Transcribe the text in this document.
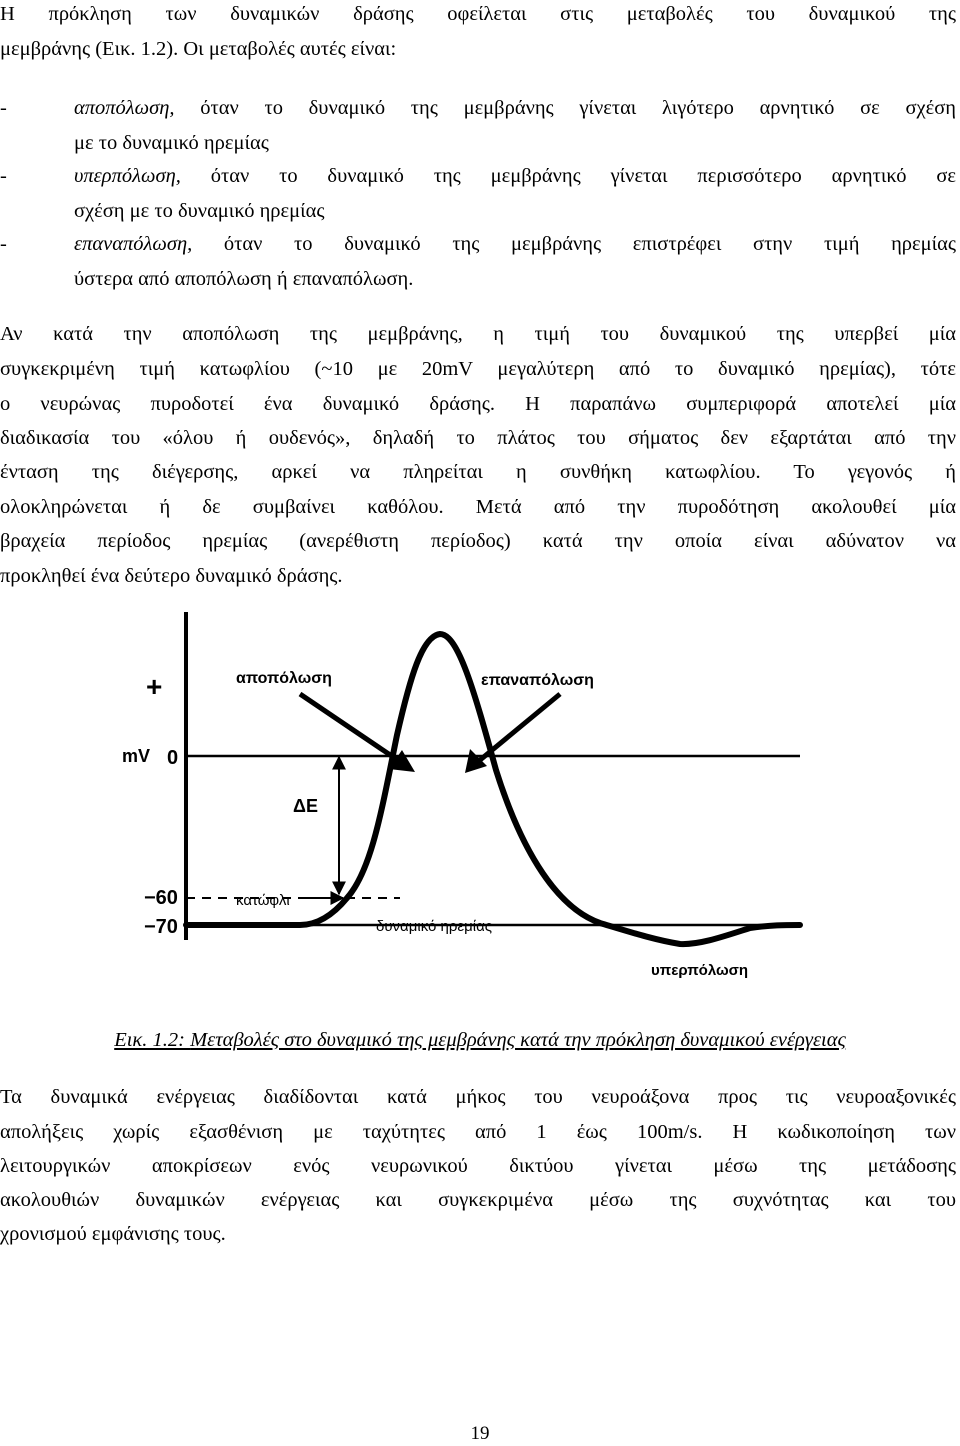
Η πρόκληση των δυναμικών δράσης οφείλεται στις μεταβολές του δυναμικού της
μεμβράνης (Εικ. 1.2). Οι μεταβολές αυτές είναι:
-	αποπόλωση, όταν το δυναμικό της μεμβράνης γίνεται λιγότερο αρνητικό σε σχέση
με το δυναμικό ηρεμίας
-	υπερπόλωση, όταν το δυναμικό της μεμβράνης γίνεται περισσότερο αρνητικό σε
σχέση με το δυναμικό ηρεμίας
-	επαναπόλωση, όταν το δυναμικό της μεμβράνης επιστρέφει στην τιμή ηρεμίας
ύστερα από αποπόλωση ή επαναπόλωση.
Αν κατά την αποπόλωση της μεμβράνης, η τιμή του δυναμικού της υπερβεί μία
συγκεκριμένη τιμή κατωφλίου (~10 με 20mV μεγαλύτερη από το δυναμικό ηρεμίας), τότε
ο νευρώνας πυροδοτεί ένα δυναμικό δράσης. Η παραπάνω συμπεριφορά αποτελεί μία
διαδικασία του «όλου ή ουδενός», δηλαδή το πλάτος του σήματος δεν εξαρτάται από την
ένταση της διέγερσης, αρκεί να πληρείται η συνθήκη κατωφλίου. Το γεγονός ή
ολοκληρώνεται ή δε συμβαίνει καθόλου. Μετά από την πυροδότηση ακολουθεί μία
βραχεία περίοδος ηρεμίας (ανερέθιστη περίοδος) κατά την οποία είναι αδύνατον να
προκληθεί ένα δεύτερο δυναμικό δράσης.
+
mV 0
ΔE
−60
−70
αποπόλωση	επαναπόλωση
κατώφλι
δυναμικό ηρεμίας
υπερπόλωση
Εικ. 1.2: Μεταβολές στο δυναμικό της μεμβράνης κατά την πρόκληση δυναμικού ενέργειας
Τα δυναμικά ενέργειας διαδίδονται κατά μήκος του νευροάξονα προς τις νευροαξονικές
απολήξεις χωρίς εξασθένιση με ταχύτητες από 1 έως 100m/s. Η κωδικοποίηση των
λειτουργικών αποκρίσεων ενός νευρωνικού δικτύου γίνεται μέσω της μετάδοσης
ακολουθιών δυναμικών ενέργειας και συγκεκριμένα μέσω της συχνότητας και του
χρονισμού εμφάνισης τους.
19
